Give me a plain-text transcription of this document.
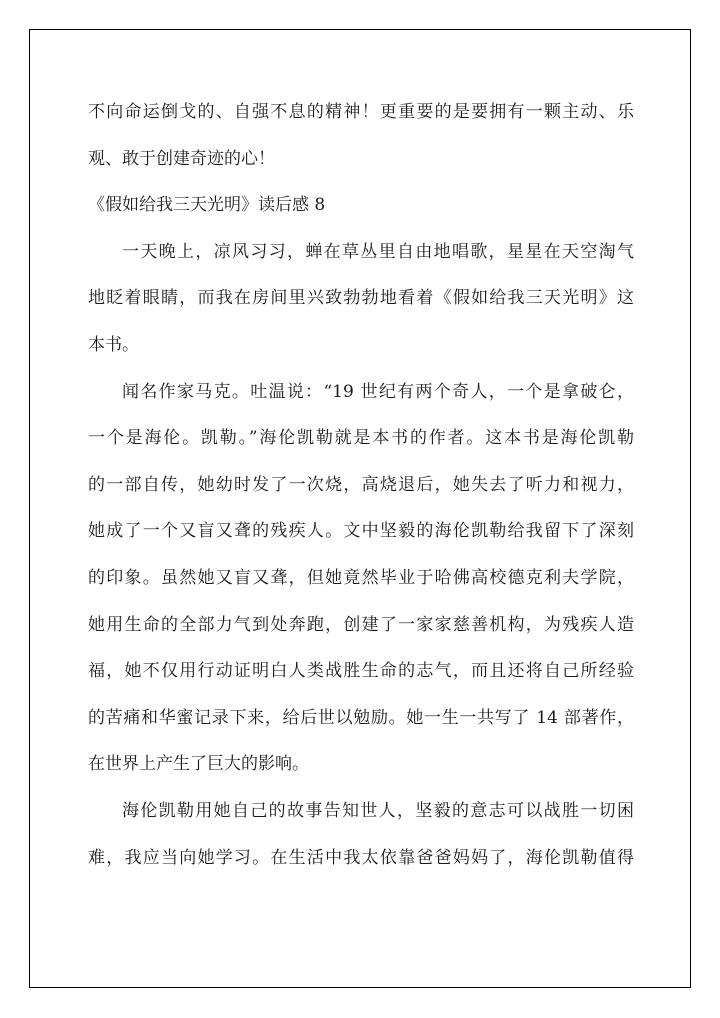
不向命运倒戈的、自强不息的精神！更重要的是要拥有一颗主动、乐
观、敢于创建奇迹的心！
《假如给我三天光明》读后感 8
一天晚上，凉风习习，蝉在草丛里自由地唱歌，星星在天空淘气
地眨着眼睛，而我在房间里兴致勃勃地看着《假如给我三天光明》这
本书。
闻名作家马克。吐温说：“19 世纪有两个奇人，一个是拿破仑，
一个是海伦。凯勒。”海伦凯勒就是本书的作者。这本书是海伦凯勒
的一部自传，她幼时发了一次烧，高烧退后，她失去了听力和视力，
她成了一个又盲又聋的残疾人。文中坚毅的海伦凯勒给我留下了深刻
的印象。虽然她又盲又聋，但她竟然毕业于哈佛高校德克利夫学院，
她用生命的全部力气到处奔跑，创建了一家家慈善机构，为残疾人造
福，她不仅用行动证明白人类战胜生命的志气，而且还将自己所经验
的苦痛和华蜜记录下来，给后世以勉励。她一生一共写了 14 部著作，
在世界上产生了巨大的影响。
海伦凯勒用她自己的故事告知世人，坚毅的意志可以战胜一切困
难，我应当向她学习。在生活中我太依靠爸爸妈妈了，海伦凯勒值得
